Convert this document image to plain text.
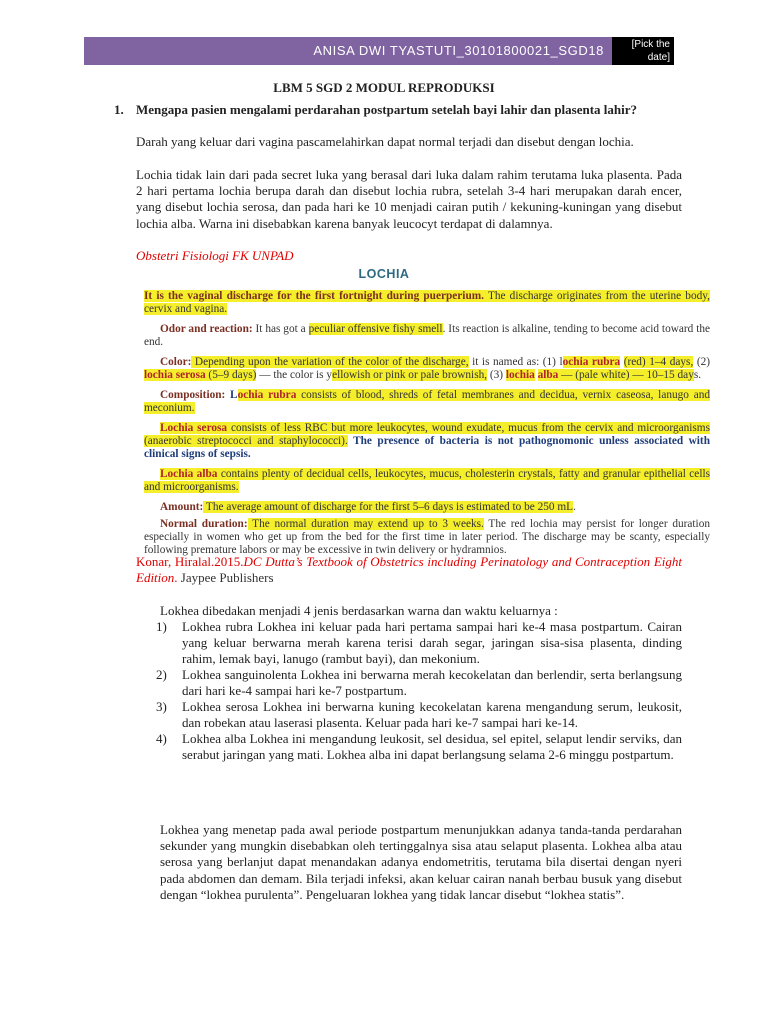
ANISA DWI TYASTUTI_30101800021_SGD18	[Pick the date]
LBM 5 SGD 2 MODUL REPRODUKSI
1. Mengapa pasien mengalami perdarahan postpartum setelah bayi lahir dan plasenta lahir?
Darah yang keluar dari vagina pascamelahirkan dapat normal terjadi dan disebut dengan lochia.
Lochia tidak lain dari pada secret luka yang berasal dari luka dalam rahim terutama luka plasenta. Pada 2 hari pertama lochia berupa darah dan disebut lochia rubra, setelah 3-4 hari merupakan darah encer, yang disebut lochia serosa, dan pada hari ke 10 menjadi cairan putih / kekuning-kuningan yang disebut lochia alba. Warna ini disebabkan karena banyak leucocyt terdapat di dalamnya.
Obstetri Fisiologi FK UNPAD
LOCHIA

It is the vaginal discharge for the first fortnight during puerperium. The discharge originates from the uterine body, cervix and vagina.

Odor and reaction: It has got a peculiar offensive fishy smell. Its reaction is alkaline, tending to become acid toward the end.

Color: Depending upon the variation of the color of the discharge, it is named as: (1) lochia rubra (red) 1–4 days, (2) lochia serosa (5–9 days) — the color is yellowish or pink or pale brownish, (3) lochia alba — (pale white) — 10–15 days.

Composition: Lochia rubra consists of blood, shreds of fetal membranes and decidua, vernix caseosa, lanugo and meconium.

Lochia serosa consists of less RBC but more leukocytes, wound exudate, mucus from the cervix and microorganisms (anaerobic streptococci and staphylococci). The presence of bacteria is not pathognomonic unless associated with clinical signs of sepsis.

Lochia alba contains plenty of decidual cells, leukocytes, mucus, cholesterin crystals, fatty and granular epithelial cells and microorganisms.

Amount: The average amount of discharge for the first 5–6 days is estimated to be 250 mL.

Normal duration: The normal duration may extend up to 3 weeks. The red lochia may persist for longer duration especially in women who get up from the bed for the first time in later period. The discharge may be scanty, especially following premature labors or may be excessive in twin delivery or hydramnios.

Konar, Hiralal.2015.DC Dutta’s Textbook of Obstetrics including Perinatology and Contraception Eight Edition. Jaypee Publishers
Lokhea dibedakan menjadi 4 jenis berdasarkan warna dan waktu keluarnya :
1) Lokhea rubra Lokhea ini keluar pada hari pertama sampai hari ke-4 masa postpartum. Cairan yang keluar berwarna merah karena terisi darah segar, jaringan sisa-sisa plasenta, dinding rahim, lemak bayi, lanugo (rambut bayi), dan mekonium.
2) Lokhea sanguinolenta Lokhea ini berwarna merah kecokelatan dan berlendir, serta berlangsung dari hari ke-4 sampai hari ke-7 postpartum.
3) Lokhea serosa Lokhea ini berwarna kuning kecokelatan karena mengandung serum, leukosit, dan robekan atau laserasi plasenta. Keluar pada hari ke-7 sampai hari ke-14.
4) Lokhea alba Lokhea ini mengandung leukosit, sel desidua, sel epitel, selaput lendir serviks, dan serabut jaringan yang mati. Lokhea alba ini dapat berlangsung selama 2-6 minggu postpartum.
Lokhea yang menetap pada awal periode postpartum menunjukkan adanya tanda-tanda perdarahan sekunder yang mungkin disebabkan oleh tertinggalnya sisa atau selaput plasenta. Lokhea alba atau serosa yang berlanjut dapat menandakan adanya endometritis, terutama bila disertai dengan nyeri pada abdomen dan demam. Bila terjadi infeksi, akan keluar cairan nanah berbau busuk yang disebut dengan “lokhea purulenta”. Pengeluaran lokhea yang tidak lancar disebut “lokhea statis”.
